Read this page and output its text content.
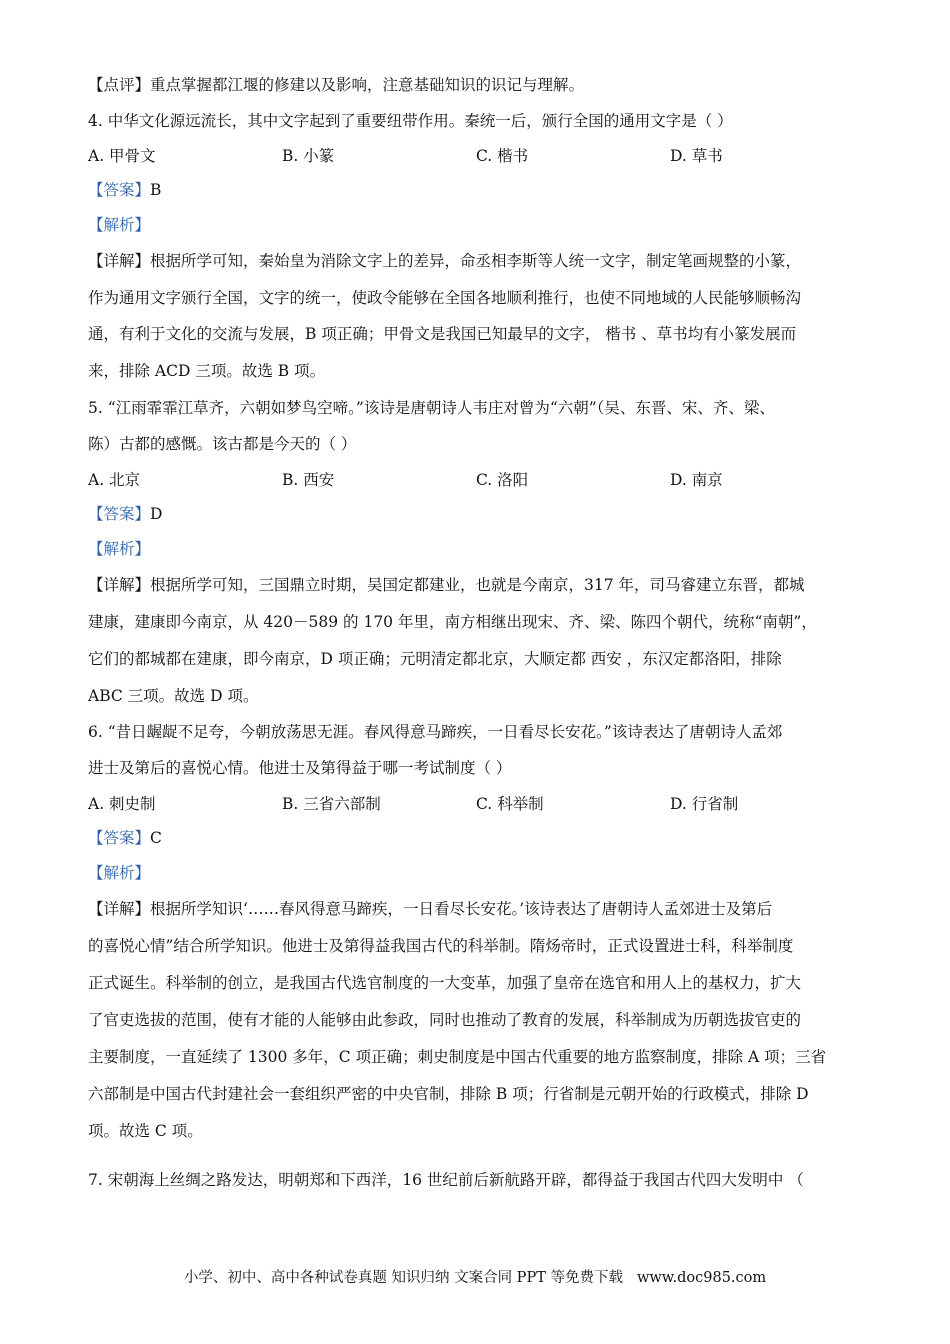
【点评】重点掌握都江堰的修建以及影响，注意基础知识的识记与理解。
4. 中华文化源远流长，其中文字起到了重要纽带作用。秦统一后，颁行全国的通用文字是（ ）
A. 甲骨文	B. 小篆	C. 楷书	D. 草书
【答案】B
【解析】
【详解】根据所学可知，秦始皇为消除文字上的差异，命丞相李斯等人统一文字，制定笔画规整的小篆，
作为通用文字颁行全国，文字的统一，使政令能够在全国各地顺利推行，也使不同地域的人民能够顺畅沟
通，有利于文化的交流与发展，B 项正确；甲骨文是我国已知最早的文字， 楷书 、草书均有小篆发展而
来，排除 ACD 三项。故选 B 项。
5. “江雨霏霏江草齐，六朝如梦鸟空啼。”该诗是唐朝诗人韦庄对曾为“六朝”（吴、东晋、宋、齐、梁、
陈）古都的感慨。该古都是今天的（ ）
A. 北京	B. 西安	C. 洛阳	D. 南京
【答案】D
【解析】
【详解】根据所学可知，三国鼎立时期，吴国定都建业，也就是今南京，317 年，司马睿建立东晋，都城
建康，建康即今南京，从 420－589 的 170 年里，南方相继出现宋、齐、梁、陈四个朝代，统称“南朝”，
它们的都城都在建康，即今南京，D 项正确；元明清定都北京，大顺定都 西安 ，东汉定都洛阳，排除
ABC 三项。故选 D 项。
6. “昔日龌龊不足夸，今朝放荡思无涯。春风得意马蹄疾，一日看尽长安花。”该诗表达了唐朝诗人孟郊
进士及第后的喜悦心情。他进士及第得益于哪一考试制度（ ）
A. 刺史制	B. 三省六部制	C. 科举制	D. 行省制
【答案】C
【解析】
【详解】根据所学知识‘……春风得意马蹄疾，一日看尽长安花。’该诗表达了唐朝诗人孟郊进士及第后
的喜悦心情”结合所学知识。他进士及第得益我国古代的科举制。隋炀帝时，正式设置进士科，科举制度
正式诞生。科举制的创立，是我国古代选官制度的一大变革，加强了皇帝在选官和用人上的基权力，扩大
了官吏选拔的范围，使有才能的人能够由此参政，同时也推动了教育的发展，科举制成为历朝选拔官吏的
主要制度，一直延续了 1300 多年，C 项正确；刺史制度是中国古代重要的地方监察制度，排除 A 项；三省
六部制是中国古代封建社会一套组织严密的中央官制，排除 B 项；行省制是元朝开始的行政模式，排除 D
项。故选 C 项。
7. 宋朝海上丝绸之路发达，明朝郑和下西洋，16 世纪前后新航路开辟，都得益于我国古代四大发明中 （
小学、初中、高中各种试卷真题 知识归纳 文案合同 PPT 等免费下载 www.doc985.com
